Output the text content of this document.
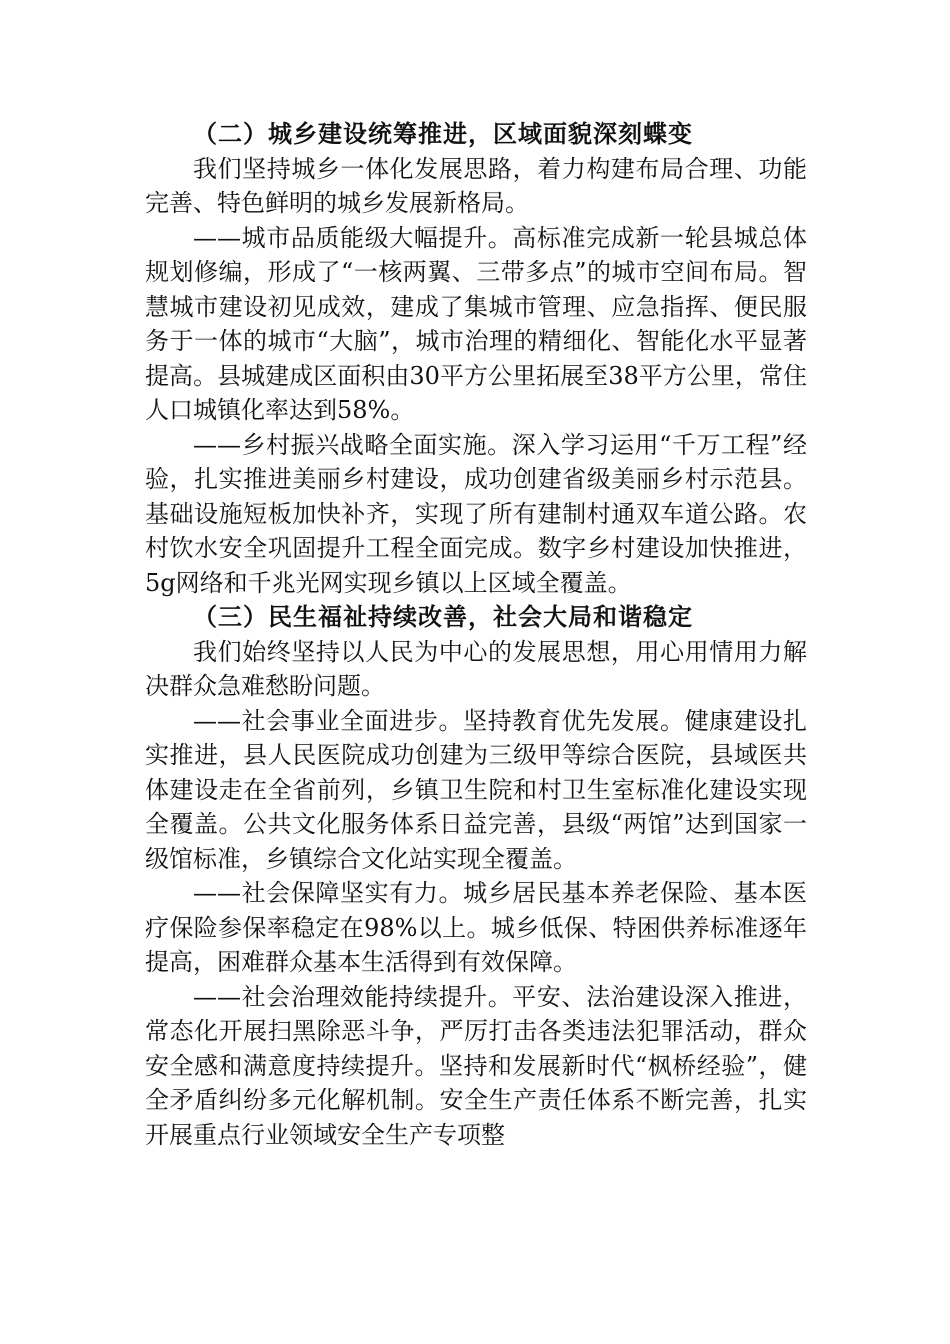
（二）城乡建设统筹推进，区域面貌深刻蝶变

我们坚持城乡一体化发展思路，着力构建布局合理、功能完善、特色鲜明的城乡发展新格局。

——城市品质能级大幅提升。高标准完成新一轮县城总体规划修编，形成了“一核两翼、三带多点”的城市空间布局。智慧城市建设初见成效，建成了集城市管理、应急指挥、便民服务于一体的城市“大脑”，城市治理的精细化、智能化水平显著提高。县城建成区面积由30平方公里拓展至38平方公里，常住人口城镇化率达到58%。

——乡村振兴战略全面实施。深入学习运用“千万工程”经验，扎实推进美丽乡村建设，成功创建省级美丽乡村示范县。基础设施短板加快补齐，实现了所有建制村通双车道公路。农村饮水安全巩固提升工程全面完成。数字乡村建设加快推进，5g网络和千兆光网实现乡镇以上区域全覆盖。

（三）民生福祉持续改善，社会大局和谐稳定

我们始终坚持以人民为中心的发展思想，用心用情用力解决群众急难愁盼问题。

——社会事业全面进步。坚持教育优先发展。健康建设扎实推进，县人民医院成功创建为三级甲等综合医院，县域医共体建设走在全省前列，乡镇卫生院和村卫生室标准化建设实现全覆盖。公共文化服务体系日益完善，县级“两馆”达到国家一级馆标准，乡镇综合文化站实现全覆盖。

——社会保障坚实有力。城乡居民基本养老保险、基本医疗保险参保率稳定在98%以上。城乡低保、特困供养标准逐年提高，困难群众基本生活得到有效保障。

——社会治理效能持续提升。平安、法治建设深入推进，常态化开展扫黑除恶斗争，严厉打击各类违法犯罪活动，群众安全感和满意度持续提升。坚持和发展新时代“枫桥经验”，健全矛盾纠纷多元化解机制。安全生产责任体系不断完善，扎实开展重点行业领域安全生产专项整
